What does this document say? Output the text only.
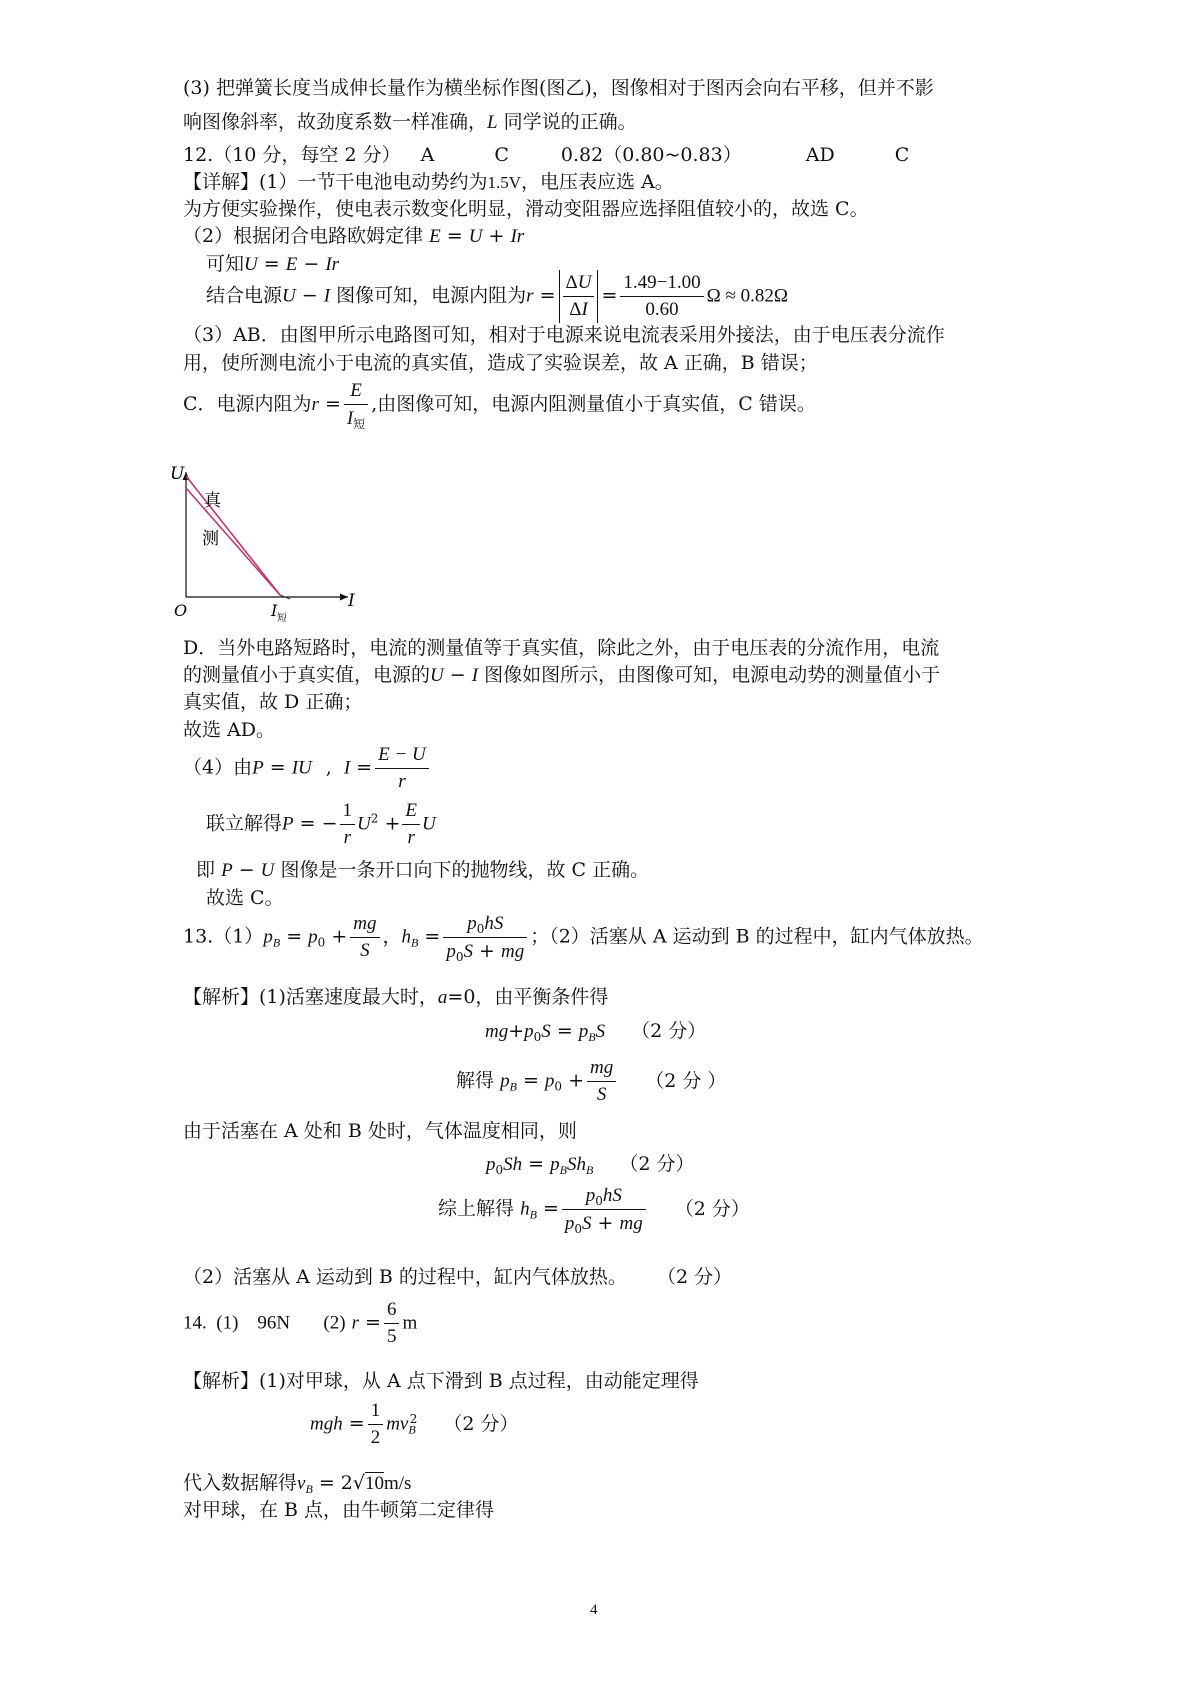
(3) 把弹簧长度当成伸长量作为横坐标作图(图乙)，图像相对于图丙会向右平移，但并不影
响图像斜率，故劲度系数一样准确，L 同学说的正确。
12.（10 分，每空 2 分） A	C	0.82（0.80~0.83）	AD	C
【详解】(1）一节干电池电动势约为1.5V，电压表应选 A。
为方便实验操作，使电表示数变化明显，滑动变阻器应选择阻值较小的，故选 C。
（2）根据闭合电路欧姆定律 E = U + Ir
可知U = E − Ir
结合电源U − I 图像可知，电源内阻为$r = \frac{\Delta U}{\Delta I} = \frac{1.49-1.00}{0.60}$ Ω ≈ 0.82Ω
（3）AB．由图甲所示电路图可知，相对于电源来说电流表采用外接法，由于电压表分流作
用，使所测电流小于电流的真实值，造成了实验误差，故 A 正确，B 错误；
C．电源内阻为$r = \frac{E}{I_短}$ ,由图像可知，电源内阻测量值小于真实值，C 错误。
U
真
测
O	I 短
I
D．当外电路短路时，电流的测量值等于真实值，除此之外，由于电压表的分流作用，电流
的测量值小于真实值，电源的U − I 图像如图所示，由图像可知，电源电动势的测量值小于
真实值，故 D 正确；
故选 AD。
（4）由P = IU , $I = \frac{E - U}{r}$
联立解得P = − $\frac{1}{r} U^2 + \frac{E}{r}$ U
即 P − U 图像是一条开口向下的抛物线，故 C 正确。
故选 C。
$13.(1)p_B = p_0 + \frac{mg}{S}$ ，$h_B = \frac{p_0hS}{p_0S + mg}$ ；（2）活塞从 A 运动到 B 的过程中，缸内气体放热。
【解析】(1)活塞速度最大时，a=0，由平衡条件得
$mg+p_0S = p_BS$ （2 分）
解得 $p_B = p_0 + \frac{mg}{S} (2$ 分 ）
由于活塞在 A 处和 B 处时，气体温度相同，则
$p_0Sh = p_BSh_B$ （2 分）
综上解得 $h_B = \frac{p_0hS}{p_0S + mg} (2$ 分）
（2）活塞从 A 运动到 B 的过程中，缸内气体放热。 （2 分）
14.  (1)    96N       (2) $r = \frac{6}{5}$ m
【解析】(1)对甲球，从 A 点下滑到 B 点过程，由动能定理得
mgh = $\frac{1}{2} mv_B^2$ （2 分）
代入数据解得$v_B = 2√10m/s$
对甲球，在 B 点，由牛顿第二定律得
4
